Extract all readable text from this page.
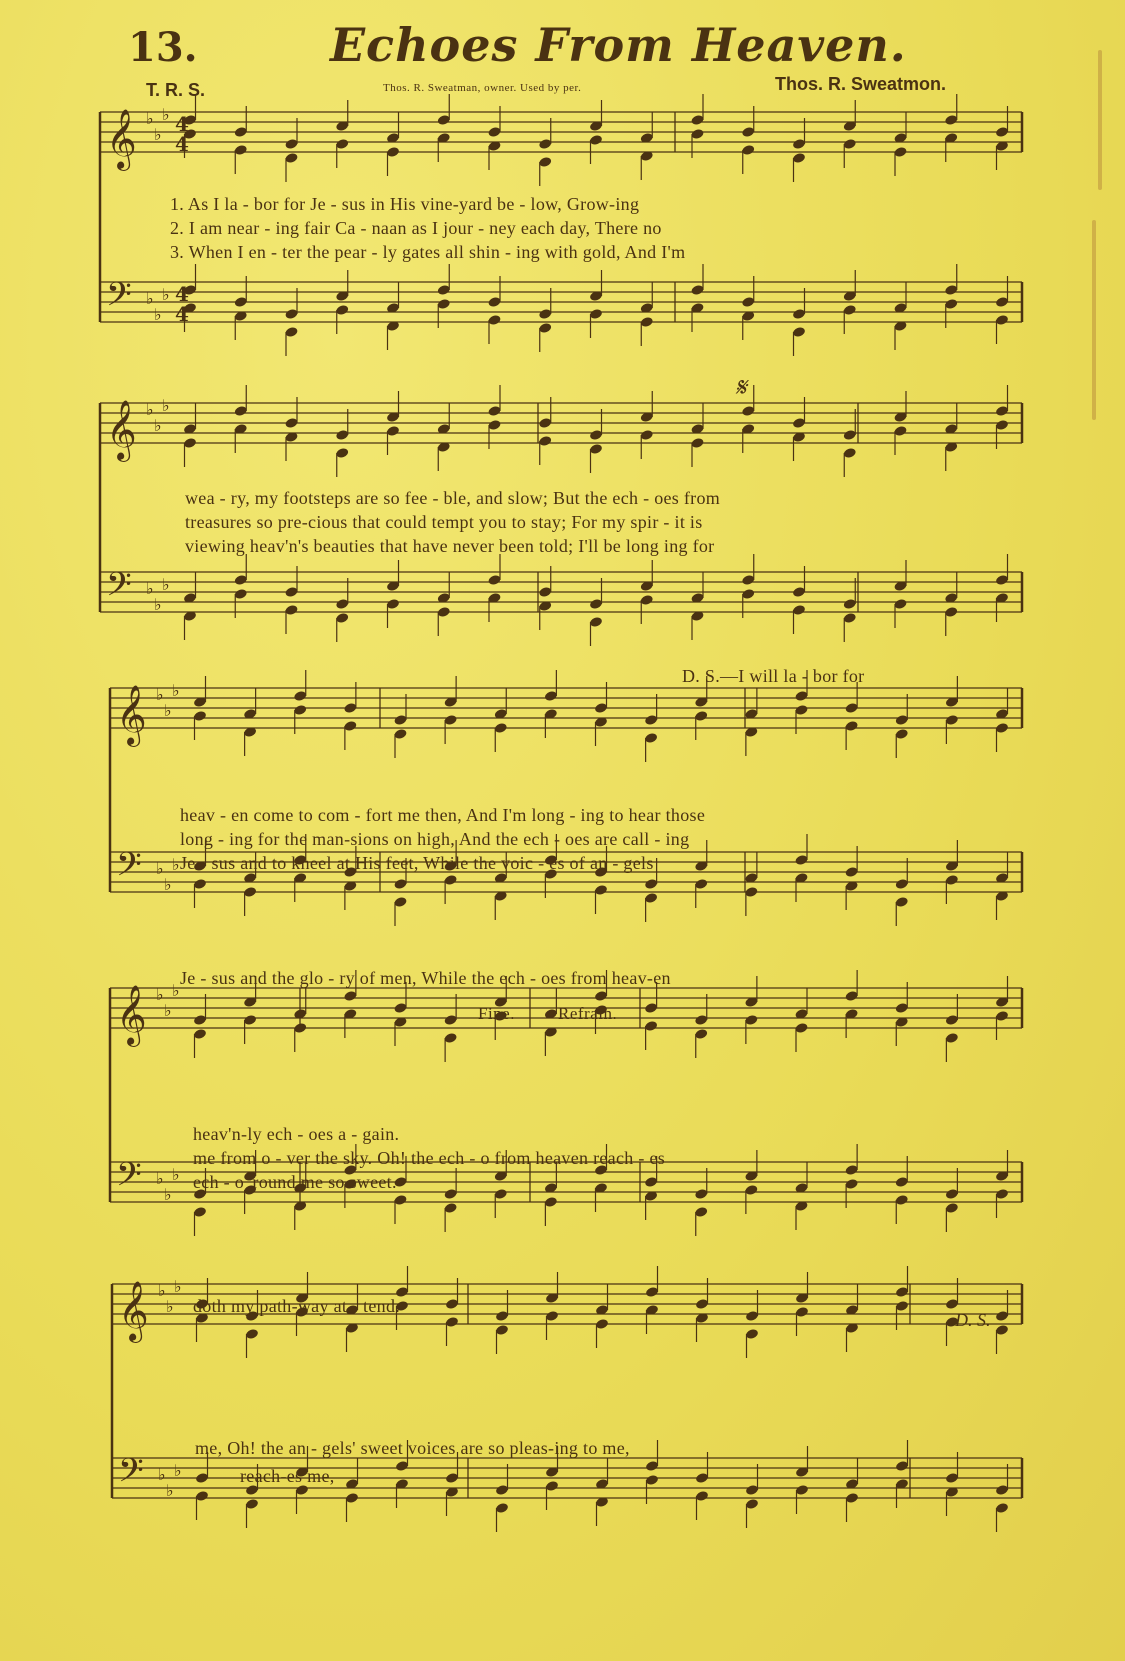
13.	Echoes From Heaven.
T. R. S.	Thos. R. Sweatman, owner. Used by per.	Thos. R. Sweatmon.
𝄞 ♭
♭
♭
𝄢 ♭
♭
♭
𝄞 ♭
♭
♭
𝄢 ♭
♭
♭
𝄞 ♭
♭
♭
𝄢 ♭
♭
♭
𝄞 ♭
♭
♭
𝄢 ♭
♭
♭
𝄞 ♭
♭
♭
𝄢 ♭
♭
♭
4
4
4
4
1. As I la - bor for Je - sus in His vine-yard be - low, Grow-ing
2. I am near - ing fair Ca - naan as I jour - ney each day, There no
3. When I en - ter the pear - ly gates all shin - ing with gold, And I'm
𝄋
wea - ry, my footsteps are so fee - ble, and slow; But the ech - oes from
treasures so pre-cious that could tempt you to stay; For my spir - it is
viewing heav'n's beauties that have never been told; I'll be long ing for
D. S.—I will la - bor for
heav - en come to com - fort me then, And I'm long - ing to hear those
long - ing for the man-sions on high, And the ech - oes are call - ing
Je - sus and to kneel at His feet, While the voic - es of an - gels
Je - sus and the glo - ry of men, While the ech - oes from heav-en
Fine.	Refrain.
heav'n-ly ech - oes a - gain.
me from o - ver the sky. Oh! the ech - o from heaven reach - es
ech - o 'round me so sweet.
doth my path-way at - tend.
D. S.
me, Oh! the an - gels' sweet voices are so pleas-ing to me,
reach-es me,
